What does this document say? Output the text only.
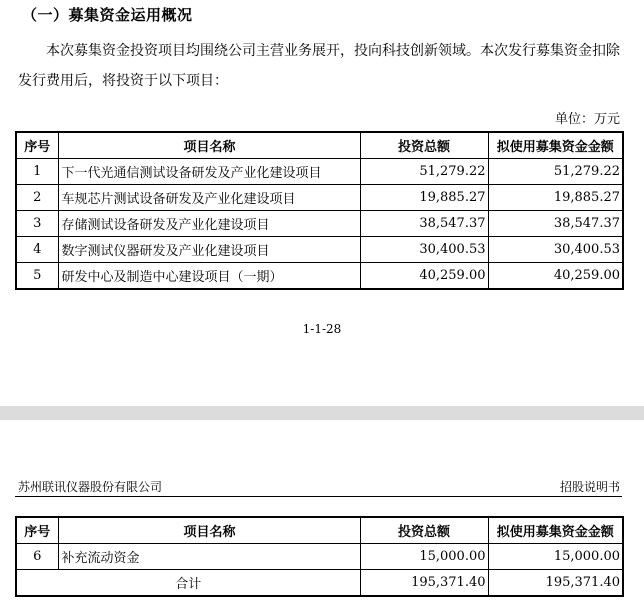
（一）募集资金运用概况

本次募集资金投资项目均围绕公司主营业务展开，投向科技创新领域。本次发行募集资金扣除发行费用后，将投资于以下项目：

单位：万元
序号	项目名称	投资总额	拟使用募集资金金额
1	下一代光通信测试设备研发及产业化建设项目	51,279.22	51,279.22
2	车规芯片测试设备研发及产业化建设项目	19,885.27	19,885.27
3	存储测试设备研发及产业化建设项目	38,547.37	38,547.37
4	数字测试仪器研发及产业化建设项目	30,400.53	30,400.53
5	研发中心及制造中心建设项目（一期）	40,259.00	40,259.00
1-1-28
苏州联讯仪器股份有限公司	招股说明书
序号	项目名称	投资总额	拟使用募集资金金额
6	补充流动资金	15,000.00	15,000.00
合计		195,371.40	195,371.40
